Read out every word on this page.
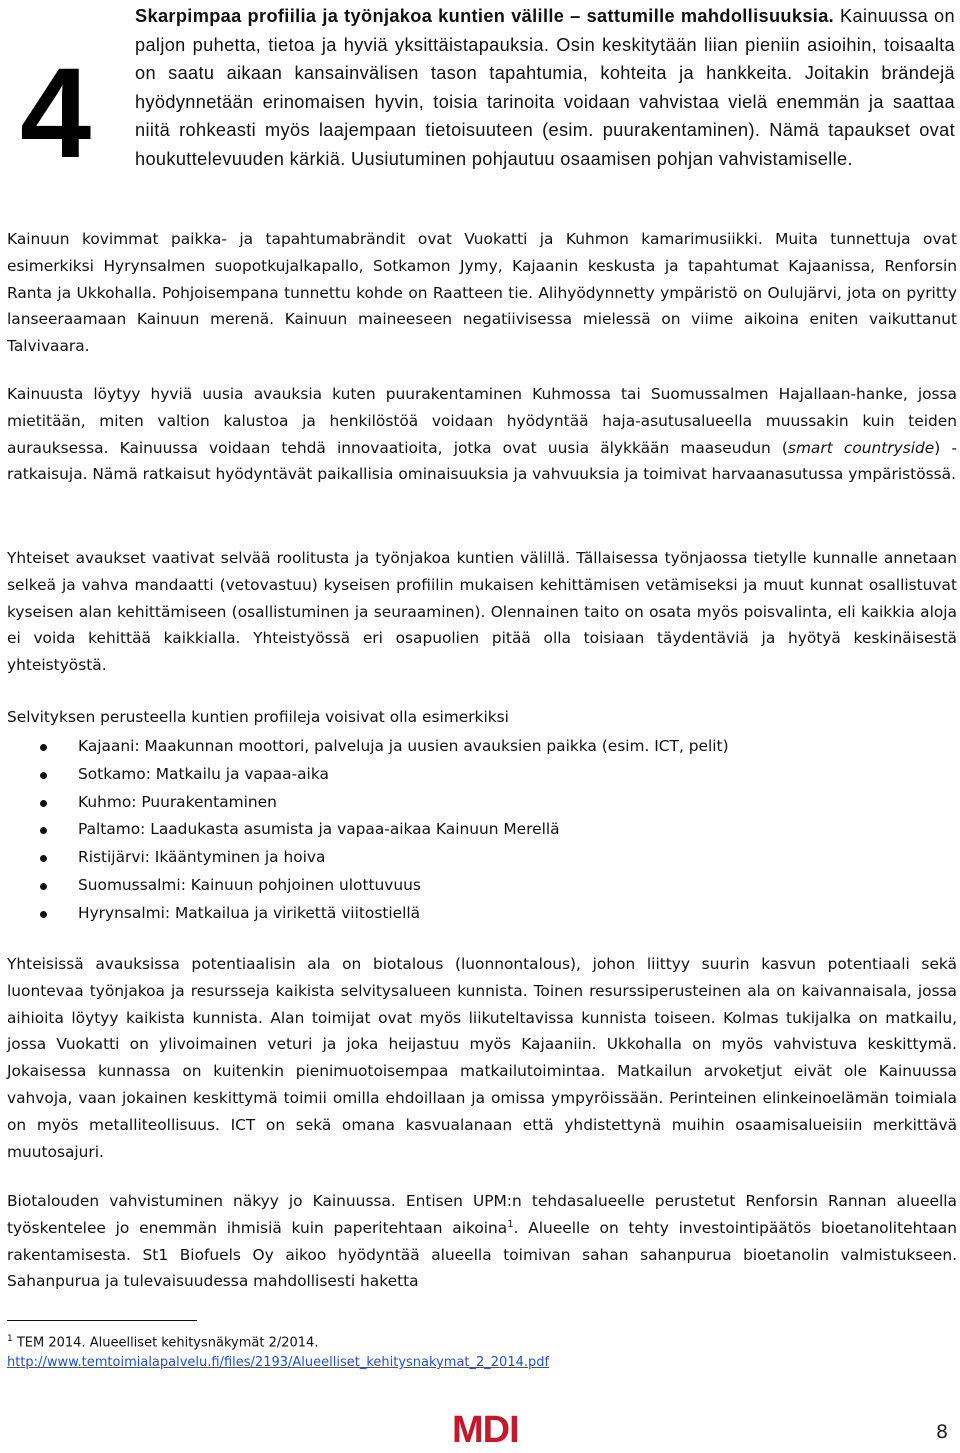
4
Skarpimpaa profiilia ja työnjakoa kuntien välille – sattumille mahdollisuuksia. Kainuussa on paljon puhetta, tietoa ja hyviä yksittäistapauksia. Osin keskitytään liian pieniin asioihin, toisaalta on saatu aikaan kansainvälisen tason tapahtumia, kohteita ja hankkeita. Joitakin brändejä hyödynnetään erinomaisen hyvin, toisia tarinoita voidaan vahvistaa vielä enemmän ja saattaa niitä rohkeasti myös laajempaan tietoisuuteen (esim. puurakentaminen). Nämä tapaukset ovat houkuttelevuuden kärkiä. Uusiutuminen pohjautuu osaamisen pohjan vahvistamiselle.

Kainuun kovimmat paikka- ja tapahtumabrändit ovat Vuokatti ja Kuhmon kamarimusiikki. Muita tunnettuja ovat esimerkiksi Hyrynsalmen suopotkujalkapallo, Sotkamon Jymy, Kajaanin keskusta ja tapahtumat Kajaanissa, Renforsin Ranta ja Ukkohalla. Pohjoisempana tunnettu kohde on Raatteen tie. Alihyödynnetty ympäristö on Oulujärvi, jota on pyritty lanseeraamaan Kainuun merenä. Kainuun maineeseen negatiivisessa mielessä on viime aikoina eniten vaikuttanut Talvivaara.

Kainuusta löytyy hyviä uusia avauksia kuten puurakentaminen Kuhmossa tai Suomussalmen Hajallaan-hanke, jossa mietitään, miten valtion kalustoa ja henkilöstöä voidaan hyödyntää haja-asutusalueella muussakin kuin teiden aurauksessa. Kainuussa voidaan tehdä innovaatioita, jotka ovat uusia älykkään maaseudun (smart countryside) -ratkaisuja. Nämä ratkaisut hyödyntävät paikallisia ominaisuuksia ja vahvuuksia ja toimivat harvaanasutussa ympäristössä.

Yhteiset avaukset vaativat selvää roolitusta ja työnjakoa kuntien välillä. Tällaisessa työnjaossa tietylle kunnalle annetaan selkeä ja vahva mandaatti (vetovastuu) kyseisen profiilin mukaisen kehittämisen vetämiseksi ja muut kunnat osallistuvat kyseisen alan kehittämiseen (osallistuminen ja seuraaminen). Olennainen taito on osata myös poisvalinta, eli kaikkia aloja ei voida kehittää kaikkialla. Yhteistyössä eri osapuolien pitää olla toisiaan täydentäviä ja hyötyä keskinäisestä yhteistyöstä.

Selvityksen perusteella kuntien profiileja voisivat olla esimerkiksi

Kajaani: Maakunnan moottori, palveluja ja uusien avauksien paikka (esim. ICT, pelit)
Sotkamo: Matkailu ja vapaa-aika
Kuhmo: Puurakentaminen
Paltamo: Laadukasta asumista ja vapaa-aikaa Kainuun Merellä
Ristijärvi: Ikääntyminen ja hoiva
Suomussalmi: Kainuun pohjoinen ulottuvuus
Hyrynsalmi: Matkailua ja virikettä viitostiellä

Yhteisissä avauksissa potentiaalisin ala on biotalous (luonnontalous), johon liittyy suurin kasvun potentiaali sekä luontevaa työnjakoa ja resursseja kaikista selvitysalueen kunnista. Toinen resurssiperusteinen ala on kaivannaisala, jossa aihioita löytyy kaikista kunnista. Alan toimijat ovat myös liikuteltavissa kunnista toiseen. Kolmas tukijalka on matkailu, jossa Vuokatti on ylivoimainen veturi ja joka heijastuu myös Kajaaniin. Ukkohalla on myös vahvistuva keskittymä. Jokaisessa kunnassa on kuitenkin pienimuotoisempaa matkailutoimintaa. Matkailun arvoketjut eivät ole Kainuussa vahvoja, vaan jokainen keskittymä toimii omilla ehdoillaan ja omissa ympyröissään. Perinteinen elinkeinoelämän toimiala on myös metalliteollisuus. ICT on sekä omana kasvualanaan että yhdistettynä muihin osaamisalueisiin merkittävä muutosajuri.

Biotalouden vahvistuminen näkyy jo Kainuussa. Entisen UPM:n tehdasalueelle perustetut Renforsin Rannan alueella työskentelee jo enemmän ihmisiä kuin paperitehtaan aikoina$^1$. Alueelle on tehty investointipäätös bioetanolitehtaan rakentamisesta. St1 Biofuels Oy aikoo hyödyntää alueella toimivan sahan sahanpurua bioetanolin valmistukseen. Sahanpurua ja tulevaisuudessa mahdollisesti haketta

$^1$ TEM 2014. Alueelliset kehitysnäkymät 2/2014.
http://www.temtoimialapalvelu.fi/files/2193/Alueelliset_kehitysnakymat_2_2014.pdf
MDI	8
